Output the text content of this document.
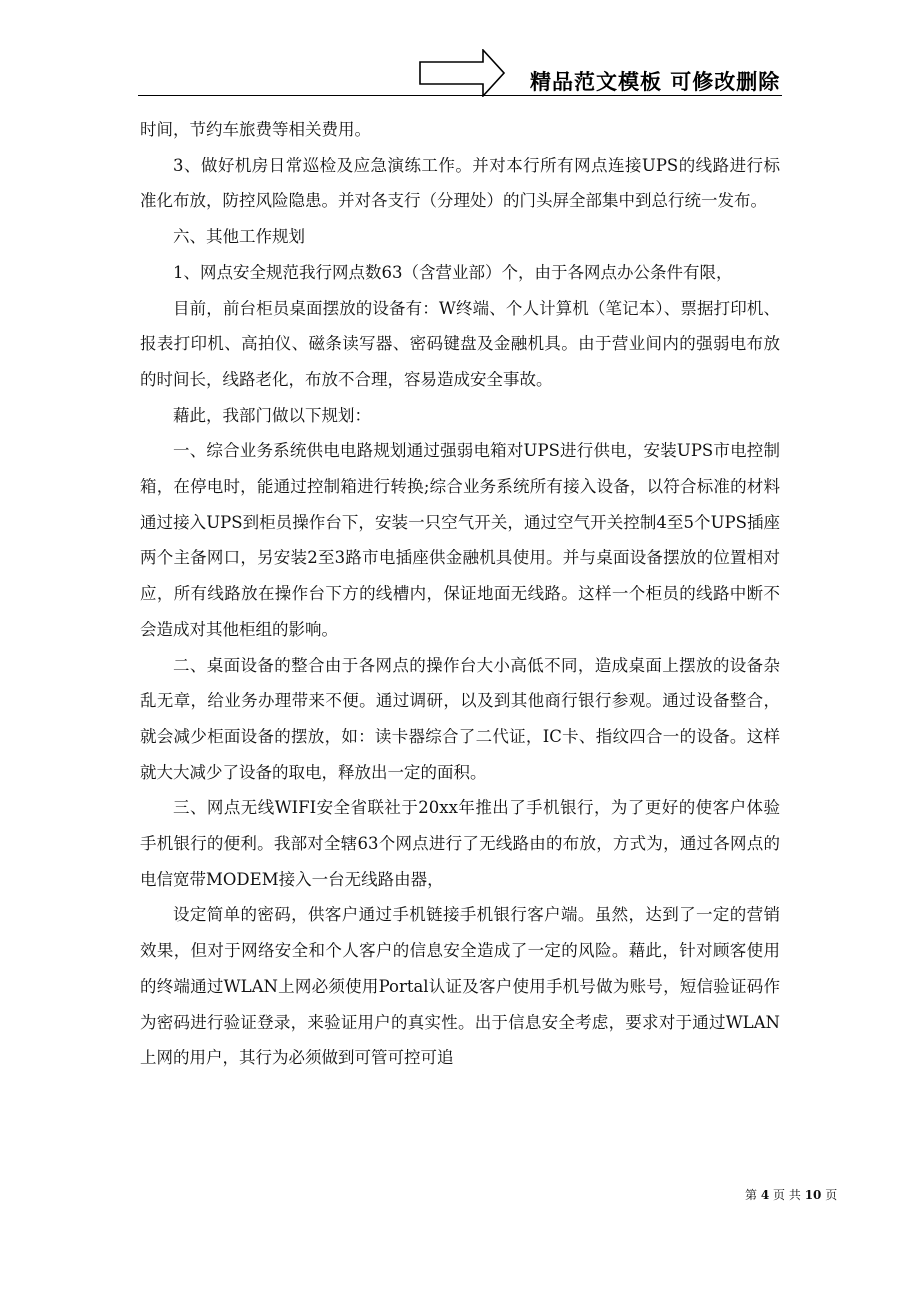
精品范文模板 可修改删除

时间，节约车旅费等相关费用。

3、做好机房日常巡检及应急演练工作。并对本行所有网点连接UPS的线路进行标准化布放，防控风险隐患。并对各支行（分理处）的门头屏全部集中到总行统一发布。

六、其他工作规划

1、网点安全规范我行网点数63（含营业部）个，由于各网点办公条件有限，

目前，前台柜员桌面摆放的设备有：W终端、个人计算机（笔记本）、票据打印机、报表打印机、高拍仪、磁条读写器、密码键盘及金融机具。由于营业间内的强弱电布放的时间长，线路老化，布放不合理，容易造成安全事故。

藉此，我部门做以下规划：

一、综合业务系统供电电路规划通过强弱电箱对UPS进行供电，安装UPS市电控制箱，在停电时，能通过控制箱进行转换;综合业务系统所有接入设备，以符合标准的材料通过接入UPS到柜员操作台下，安装一只空气开关，通过空气开关控制4至5个UPS插座两个主备网口，另安装2至3路市电插座供金融机具使用。并与桌面设备摆放的位置相对应，所有线路放在操作台下方的线槽内，保证地面无线路。这样一个柜员的线路中断不会造成对其他柜组的影响。

二、桌面设备的整合由于各网点的操作台大小高低不同，造成桌面上摆放的设备杂乱无章，给业务办理带来不便。通过调研，以及到其他商行银行参观。通过设备整合，就会减少柜面设备的摆放，如：读卡器综合了二代证，IC卡、指纹四合一的设备。这样就大大减少了设备的取电，释放出一定的面积。

三、网点无线WIFI安全省联社于20xx年推出了手机银行，为了更好的使客户体验手机银行的便利。我部对全辖63个网点进行了无线路由的布放，方式为，通过各网点的电信宽带MODEM接入一台无线路由器，

设定简单的密码，供客户通过手机链接手机银行客户端。虽然，达到了一定的营销效果，但对于网络安全和个人客户的信息安全造成了一定的风险。藉此，针对顾客使用的终端通过WLAN上网必须使用Portal认证及客户使用手机号做为账号，短信验证码作为密码进行验证登录，来验证用户的真实性。出于信息安全考虑，要求对于通过WLAN上网的用户，其行为必须做到可管可控可追

第 4 页 共 10 页
